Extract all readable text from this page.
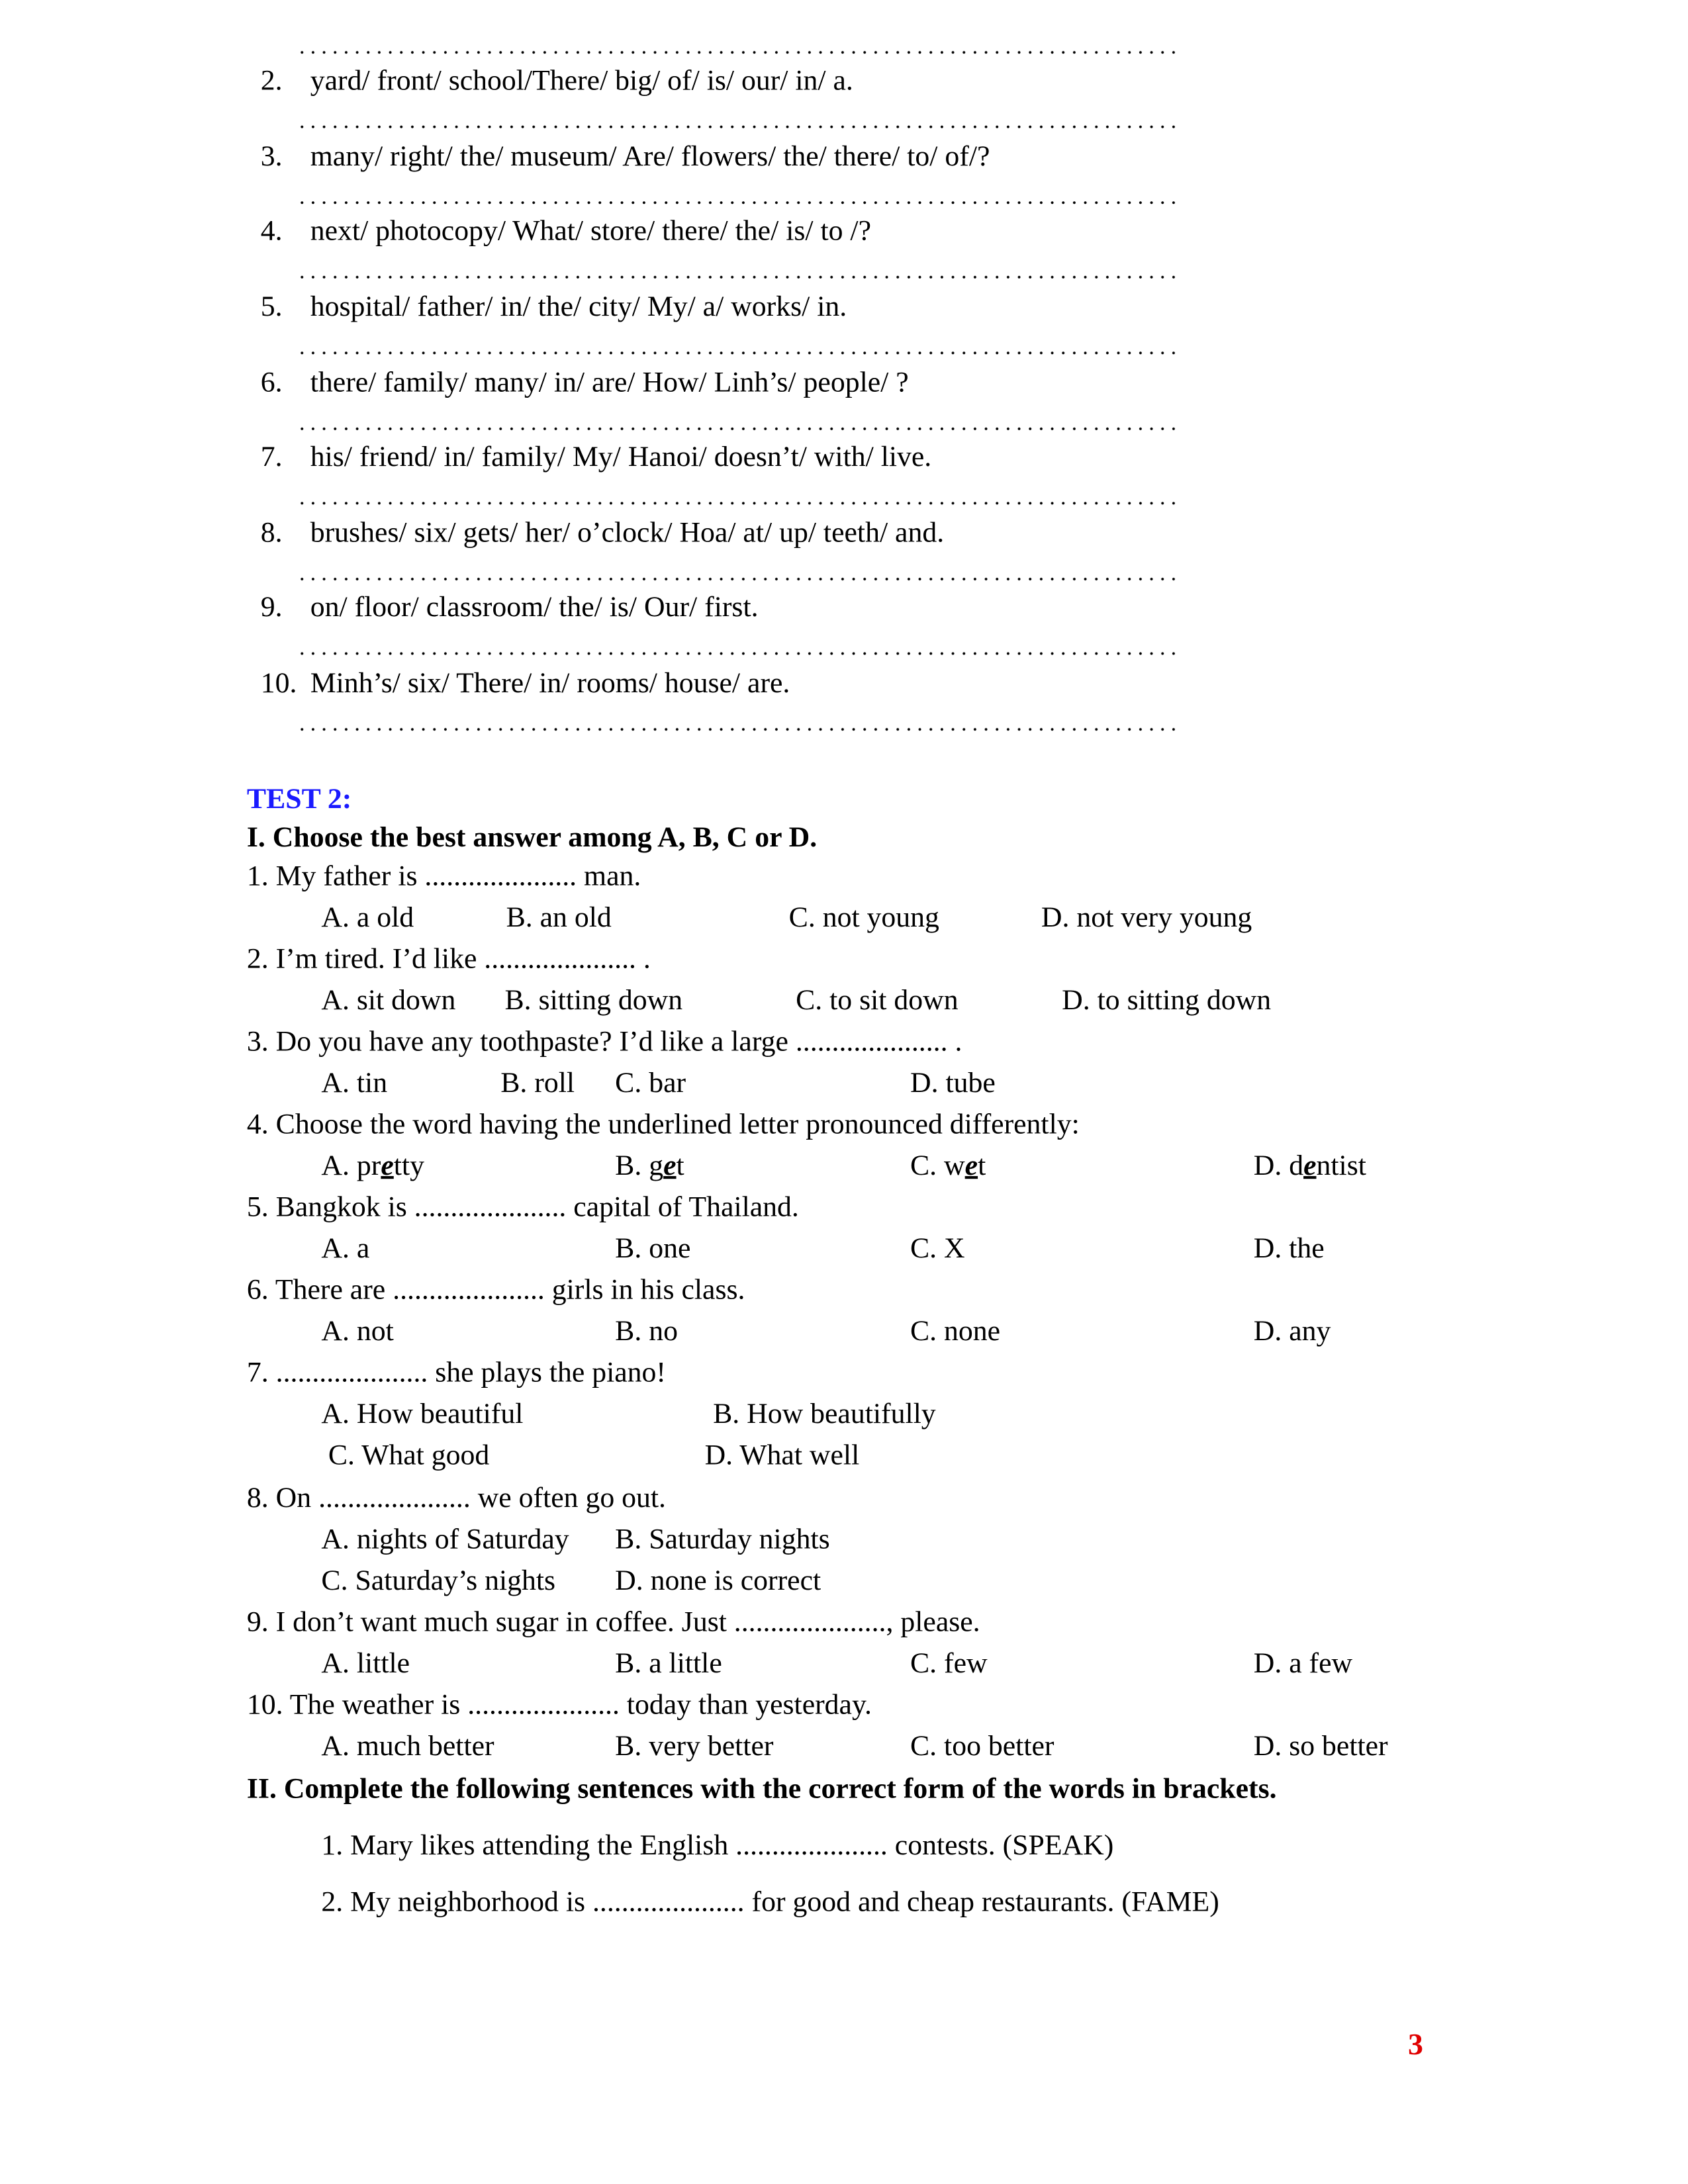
TEST 2:
I. Choose the best answer among A, B, C or D.
II. Complete the following sentences with the correct form of the words in brackets.
1. Mary likes attending the English ..................... contests. (SPEAK)
2. My neighborhood is ..................... for good and cheap restaurants. (FAME)
3
2. yard/ front/ school/There/ big/ of/ is/ our/ in/ a.
3. many/ right/ the/ museum/ Are/ flowers/ the/ there/ to/ of/?
4. next/ photocopy/ What/ store/ there/ the/ is/ to /?
5. hospital/ father/ in/ the/ city/ My/ a/ works/ in.
6. there/ family/ many/ in/ are/ How/ Linh’s/ people/ ?
7. his/ friend/ in/ family/ My/ Hanoi/ doesn’t/ with/ live.
8. brushes/ six/ gets/ her/ o’clock/ Hoa/ at/ up/ teeth/ and.
9. on/ floor/ classroom/ the/ is/ Our/ first.
10. Minh’s/ six/ There/ in/ rooms/ house/ are.
1. My father is ..................... man.
A. a old	B. an old	C. not young	D. not very young
2. I’m tired. I’d like ..................... .
A. sit down	B. sitting down	C. to sit down	D. to sitting down
3. Do you have any toothpaste? I’d like a large ..................... .
A. tin	B. roll	C. bar	D. tube
4. Choose the word having the underlined letter pronounced differently:
A. pretty	B. get	C. wet	D. dentist
5. Bangkok is ..................... capital of Thailand.
A. a	B. one	C. X	D. the
6. There are ..................... girls in his class.
A. not	B. no	C. none	D. any
7. ..................... she plays the piano!
A. How beautiful	B. How beautifully
C. What good	D. What well
8. On ..................... we often go out.
A. nights of Saturday	B. Saturday nights
C. Saturday’s nights	D. none is correct
9. I don’t want much sugar in coffee. Just ....................., please.
A. little	B. a little	C. few	D. a few
10. The weather is ..................... today than yesterday.
A. much better	B. very better	C. too better	D. so better
